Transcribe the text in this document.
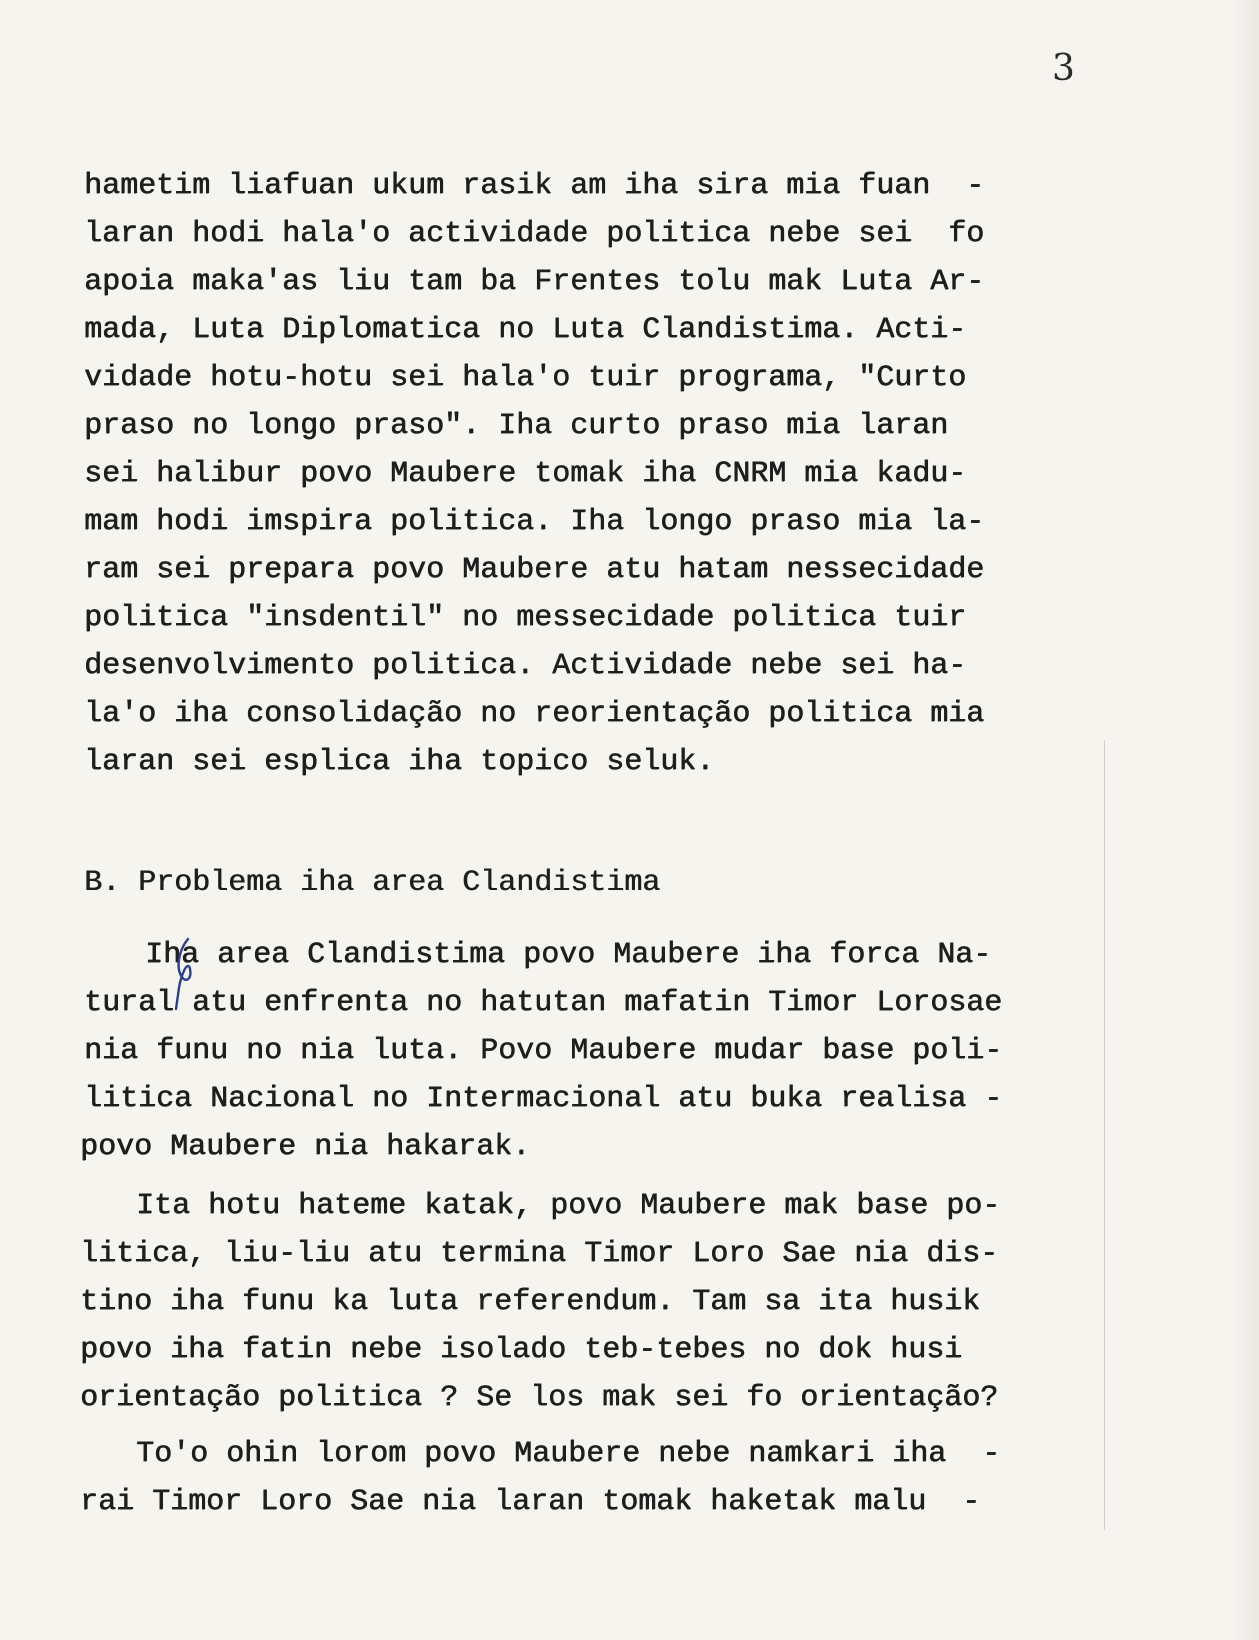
3
hametim liafuan ukum rasik am iha sira mia fuan  -
laran hodi hala'o actividade politica nebe sei  fo
apoia maka'as liu tam ba Frentes tolu mak Luta Ar-
mada, Luta Diplomatica no Luta Clandistima. Acti-
vidade hotu-hotu sei hala'o tuir programa, "Curto
praso no longo praso". Iha curto praso mia laran
sei halibur povo Maubere tomak iha CNRM mia kadu-
mam hodi imspira politica. Iha longo praso mia la-
ram sei prepara povo Maubere atu hatam nessecidade
politica "insdentil" no messecidade politica tuir
desenvolvimento politica. Actividade nebe sei ha-
la'o iha consolidação no reorientação politica mia
laran sei esplica iha topico seluk.
B. Problema iha area Clandistima
Iha area Clandistima povo Maubere iha forca Na-
tural atu enfrenta no hatutan mafatin Timor Lorosae
nia funu no nia luta. Povo Maubere mudar base poli-
litica Nacional no Intermacional atu buka realisa -
povo Maubere nia hakarak.
Ita hotu hateme katak, povo Maubere mak base po-
litica, liu-liu atu termina Timor Loro Sae nia dis-
tino iha funu ka luta referendum. Tam sa ita husik
povo iha fatin nebe isolado teb-tebes no dok husi
orientação politica ? Se los mak sei fo orientação?
To'o ohin lorom povo Maubere nebe namkari iha  -
rai Timor Loro Sae nia laran tomak haketak malu  -
